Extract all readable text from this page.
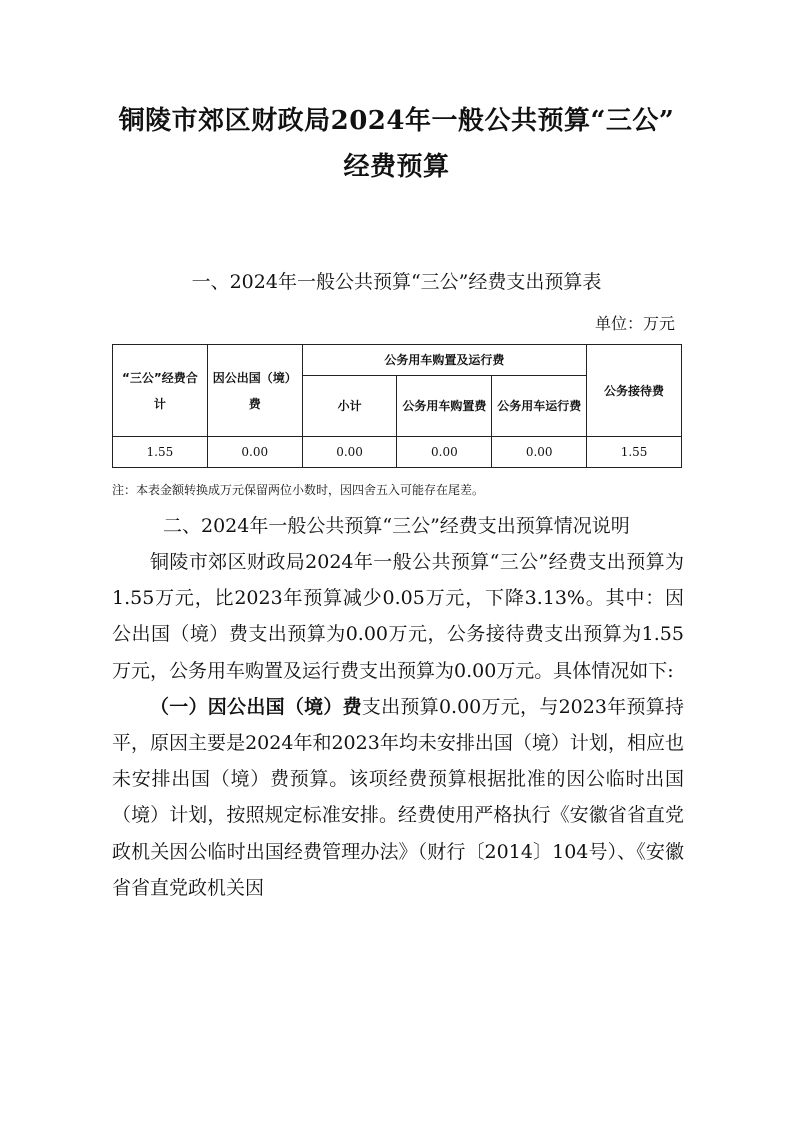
铜陵市郊区财政局2024年一般公共预算“三公”
经费预算
一、2024年一般公共预算“三公”经费支出预算表
单位：万元
“三公”经费合计	因公出国（境）费	公务用车购置及运行费			公务接待费
		小计	公务用车购置费	公务用车运行费	
1.55	0.00	0.00	0.00	0.00	1.55
注：本表金额转换成万元保留两位小数时，因四舍五入可能存在尾差。
二、2024年一般公共预算“三公”经费支出预算情况说明

铜陵市郊区财政局2024年一般公共预算“三公”经费支出预算为1.55万元，比2023年预算减少0.05万元，下降3.13%。其中：因公出国（境）费支出预算为0.00万元，公务接待费支出预算为1.55万元，公务用车购置及运行费支出预算为0.00万元。具体情况如下:

（一）因公出国（境）费支出预算0.00万元，与2023年预算持平，原因主要是2024年和2023年均未安排出国（境）计划，相应也未安排出国（境）费预算。该项经费预算根据批准的因公临时出国（境）计划，按照规定标准安排。经费使用严格执行《安徽省省直党政机关因公临时出国经费管理办法》（财行〔2014〕104号）、《安徽省省直党政机关因
